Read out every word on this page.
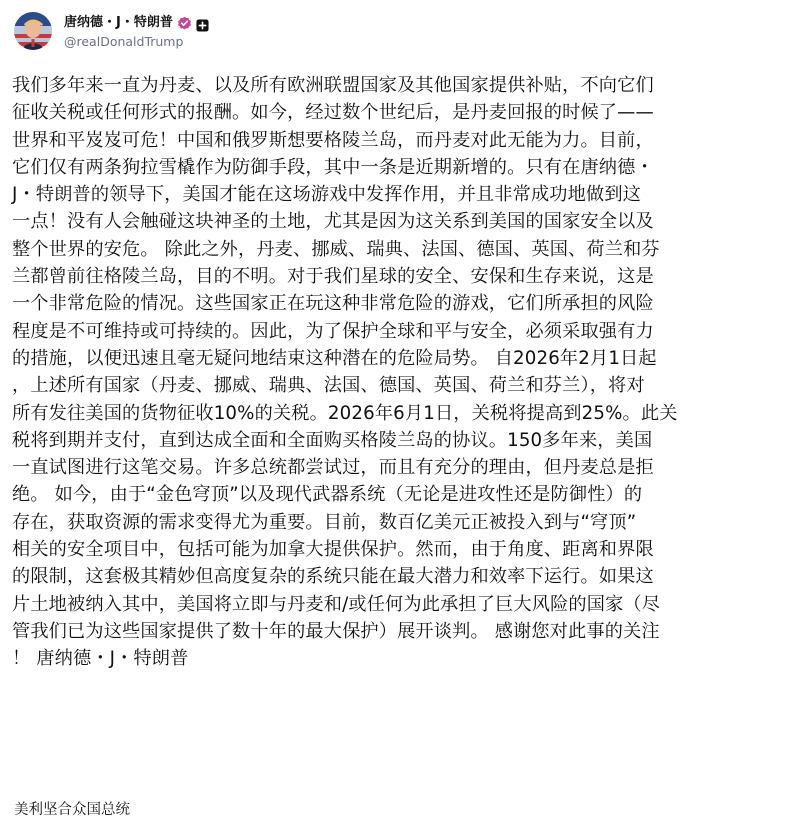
唐纳德・J・特朗普
@realDonaldTrump

我们多年来一直为丹麦、以及所有欧洲联盟国家及其他国家提供补贴，不向它们

征收关税或任何形式的报酬。如今，经过数个世纪后，是丹麦回报的时候了——

世界和平岌岌可危！中国和俄罗斯想要格陵兰岛，而丹麦对此无能为力。目前，

它们仅有两条狗拉雪橇作为防御手段，其中一条是近期新增的。只有在唐纳德・

J・特朗普的领导下，美国才能在这场游戏中发挥作用，并且非常成功地做到这

一点！没有人会触碰这块神圣的土地，尤其是因为这关系到美国的国家安全以及

整个世界的安危。 除此之外，丹麦、挪威、瑞典、法国、德国、英国、荷兰和芬

兰都曾前往格陵兰岛，目的不明。对于我们星球的安全、安保和生存来说，这是

一个非常危险的情况。这些国家正在玩这种非常危险的游戏，它们所承担的风险

程度是不可维持或可持续的。因此，为了保护全球和平与安全，必须采取强有力

的措施，以便迅速且毫无疑问地结束这种潜在的危险局势。 自2026年2月1日起

，上述所有国家（丹麦、挪威、瑞典、法国、德国、英国、荷兰和芬兰），将对

所有发往美国的货物征收10%的关税。2026年6月1日，关税将提高到25%。此关

税将到期并支付，直到达成全面和全面购买格陵兰岛的协议。150多年来，美国

一直试图进行这笔交易。许多总统都尝试过，而且有充分的理由，但丹麦总是拒

绝。 如今，由于“金色穹顶”以及现代武器系统（无论是进攻性还是防御性）的

存在，获取资源的需求变得尤为重要。目前，数百亿美元正被投入到与“穹顶”

相关的安全项目中，包括可能为加拿大提供保护。然而，由于角度、距离和界限

的限制，这套极其精妙但高度复杂的系统只能在最大潜力和效率下运行。如果这

片土地被纳入其中，美国将立即与丹麦和/或任何为此承担了巨大风险的国家（尽

管我们已为这些国家提供了数十年的最大保护）展开谈判。 感谢您对此事的关注

！ 唐纳德・J・特朗普

美利坚合众国总统
